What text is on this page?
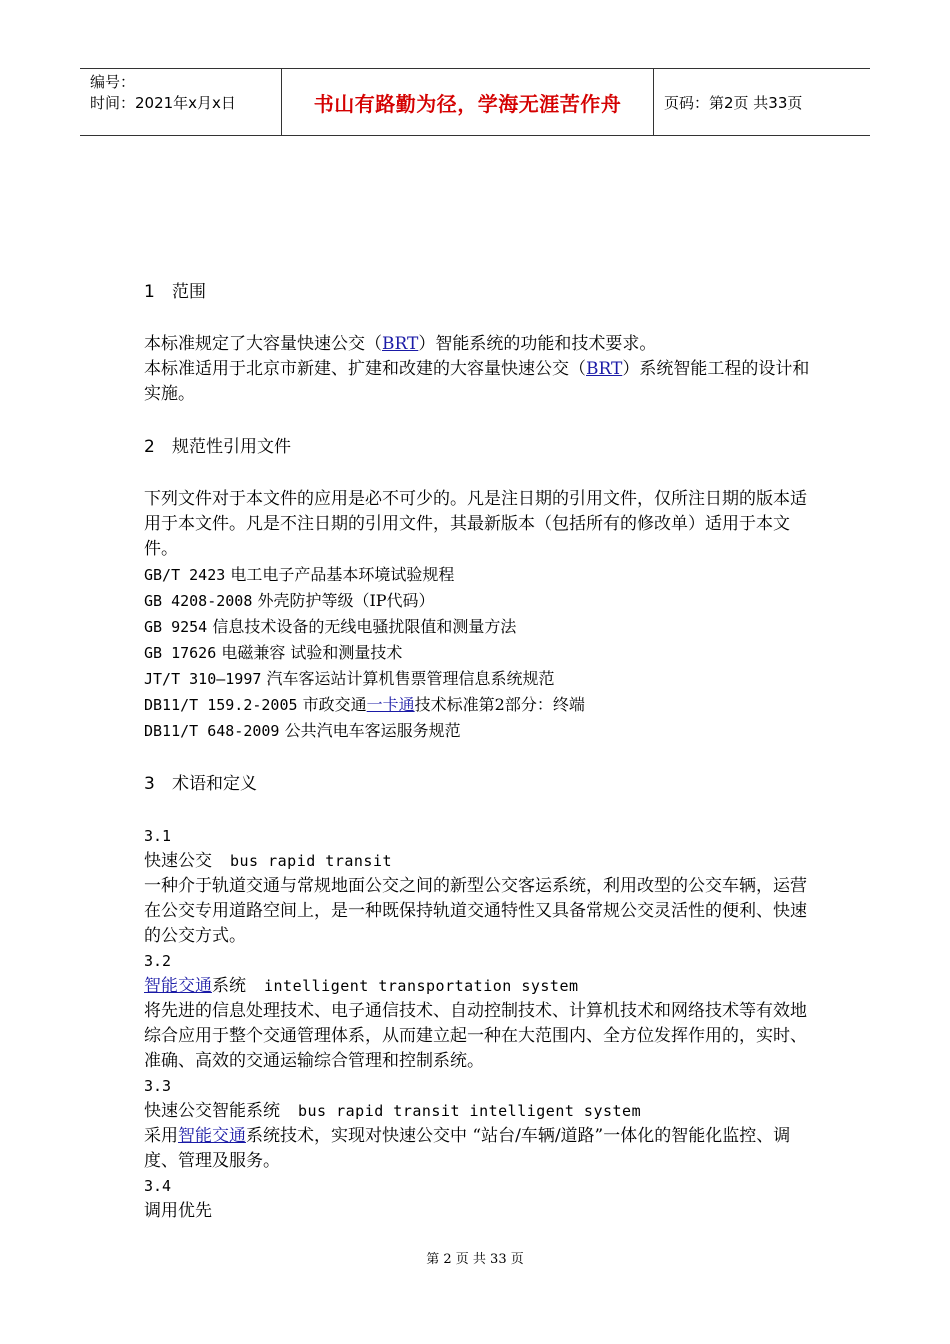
编号：
时间：2021年x月x日	书山有路勤为径，学海无涯苦作舟	页码：第2页 共33页
1 范围

本标准规定了大容量快速公交（BRT）智能系统的功能和技术要求。

本标准适用于北京市新建、扩建和改建的大容量快速公交（BRT）系统智能工程的设计和实施。

2 规范性引用文件

下列文件对于本文件的应用是必不可少的。凡是注日期的引用文件，仅所注日期的版本适用于本文件。凡是不注日期的引用文件，其最新版本（包括所有的修改单）适用于本文件。

GB/T 2423 电工电子产品基本环境试验规程
GB 4208-2008 外壳防护等级（IP代码）
GB 9254 信息技术设备的无线电骚扰限值和测量方法
GB 17626 电磁兼容 试验和测量技术
JT/T 310—1997 汽车客运站计算机售票管理信息系统规范
DB11/T 159.2-2005 市政交通一卡通技术标准第2部分：终端
DB11/T 648-2009 公共汽电车客运服务规范
3 术语和定义
3.1
快速公交 bus rapid transit

一种介于轨道交通与常规地面公交之间的新型公交客运系统，利用改型的公交车辆，运营在公交专用道路空间上，是一种既保持轨道交通特性又具备常规公交灵活性的便利、快速的公交方式。

3.2
智能交通系统 intelligent transportation system

将先进的信息处理技术、电子通信技术、自动控制技术、计算机技术和网络技术等有效地综合应用于整个交通管理体系，从而建立起一种在大范围内、全方位发挥作用的，实时、准确、高效的交通运输综合管理和控制系统。

3.3
快速公交智能系统 bus rapid transit intelligent system

采用智能交通系统技术，实现对快速公交中 “站台/车辆/道路”一体化的智能化监控、调度、管理及服务。

3.4
调用优先
第 2 页 共 33 页
